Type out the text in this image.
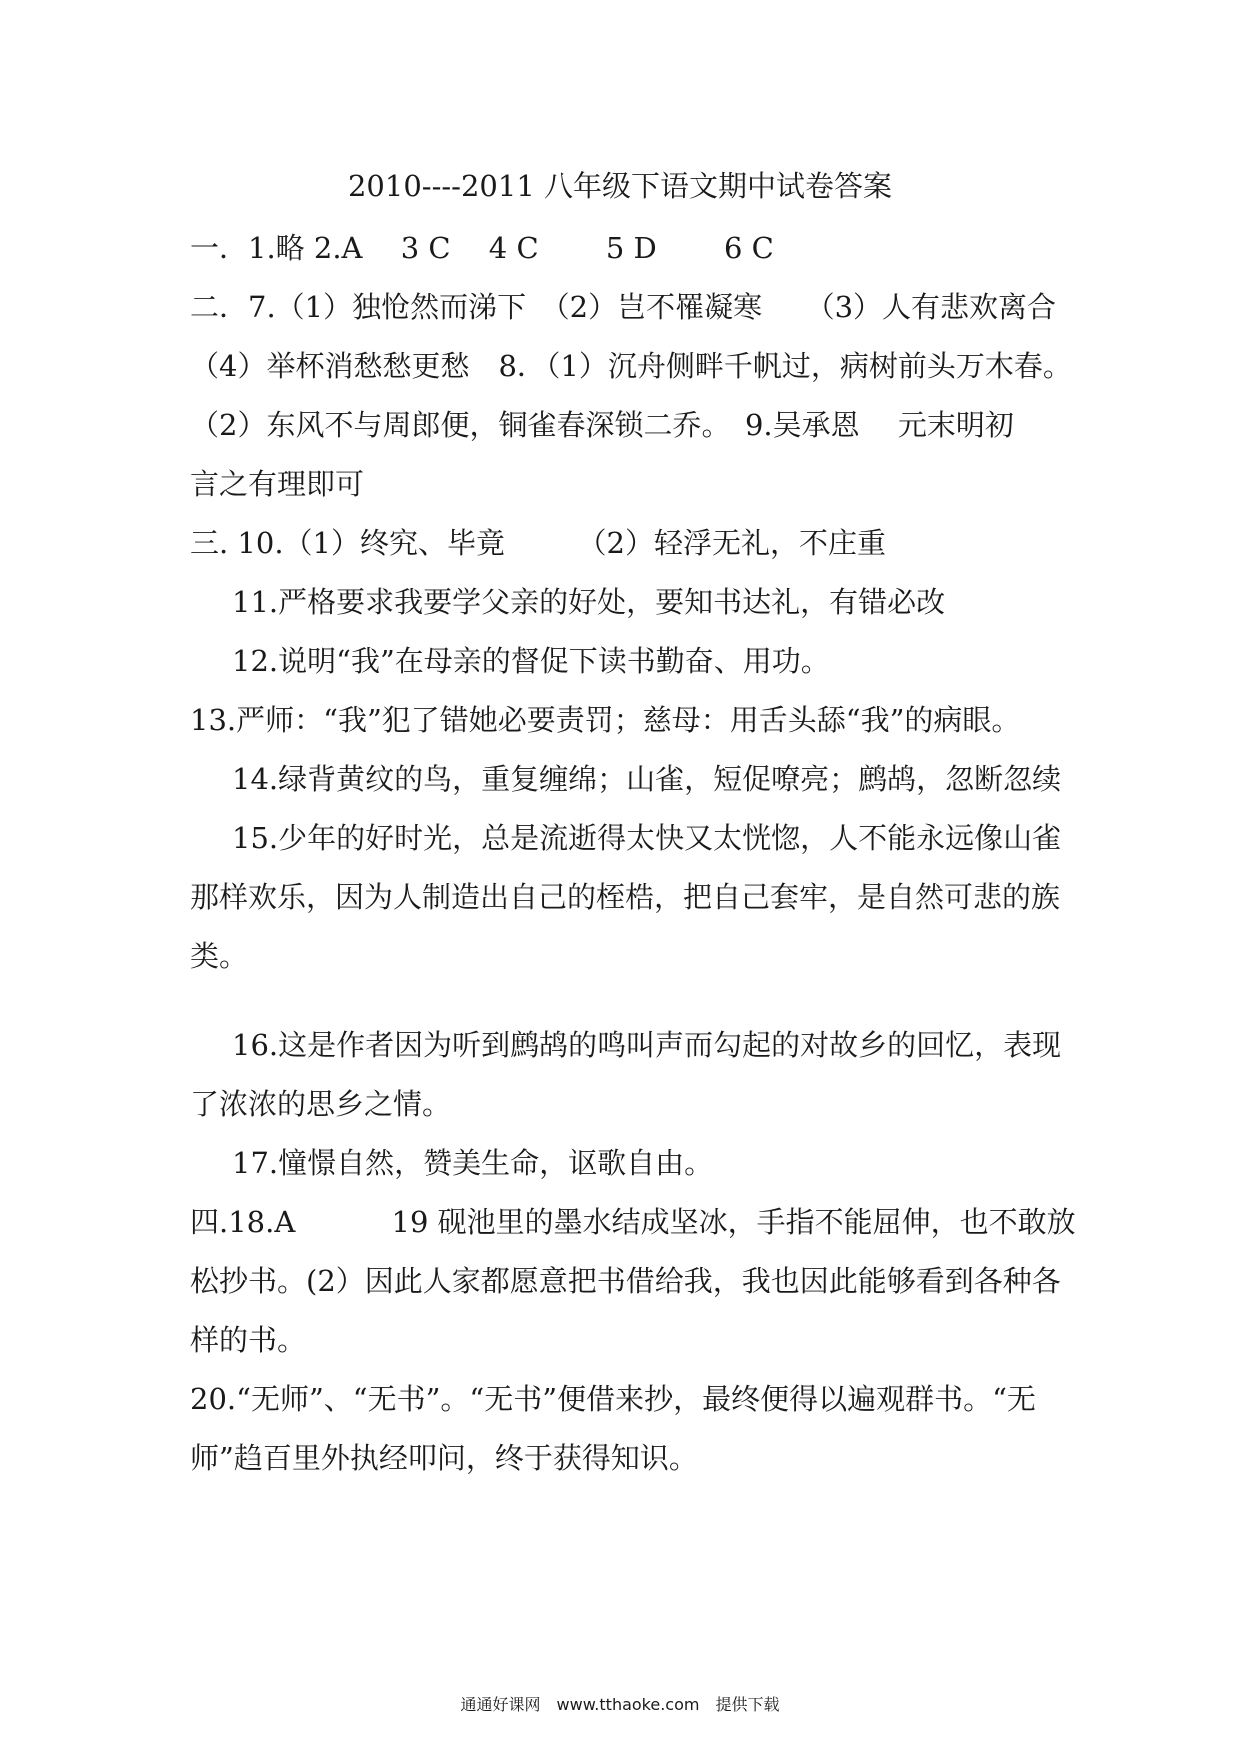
2010----2011 八年级下语文期中试卷答案
一．1.略 2.A　 3 C　 4 C　　 5 D　　 6 C
二．7.（1）独怆然而涕下　（2）岂不罹凝寒　　（3）人有悲欢离合
（4）举杯消愁愁更愁　8．（1）沉舟侧畔千帆过，病树前头万木春。
（2）东风不与周郎便，铜雀春深锁二乔。　9.吴承恩　 元末明初
言之有理即可
三. 10.（1）终究、毕竟　　　（2）轻浮无礼，不庄重
11.严格要求我要学父亲的好处，要知书达礼，有错必改
12.说明“我”在母亲的督促下读书勤奋、用功。
13.严师：“我”犯了错她必要责罚；慈母：用舌头舔“我”的病眼。
14.绿背黄纹的鸟，重复缠绵；山雀，短促嘹亮；鹧鸪，忽断忽续
15.少年的好时光，总是流逝得太快又太恍惚，人不能永远像山雀
那样欢乐，因为人制造出自己的桎梏，把自己套牢，是自然可悲的族
类。
16.这是作者因为听到鹧鸪的鸣叫声而勾起的对故乡的回忆，表现
了浓浓的思乡之情。
17.憧憬自然，赞美生命，讴歌自由。
四.18.A　　　 19 砚池里的墨水结成坚冰，手指不能屈伸，也不敢放
松抄书。(2）因此人家都愿意把书借给我，我也因此能够看到各种各
样的书。
20.“无师”、“无书”。“无书”便借来抄，最终便得以遍观群书。“无
师”趋百里外执经叩问，终于获得知识。
通通好课网　www.tthaoke.com　提供下载
